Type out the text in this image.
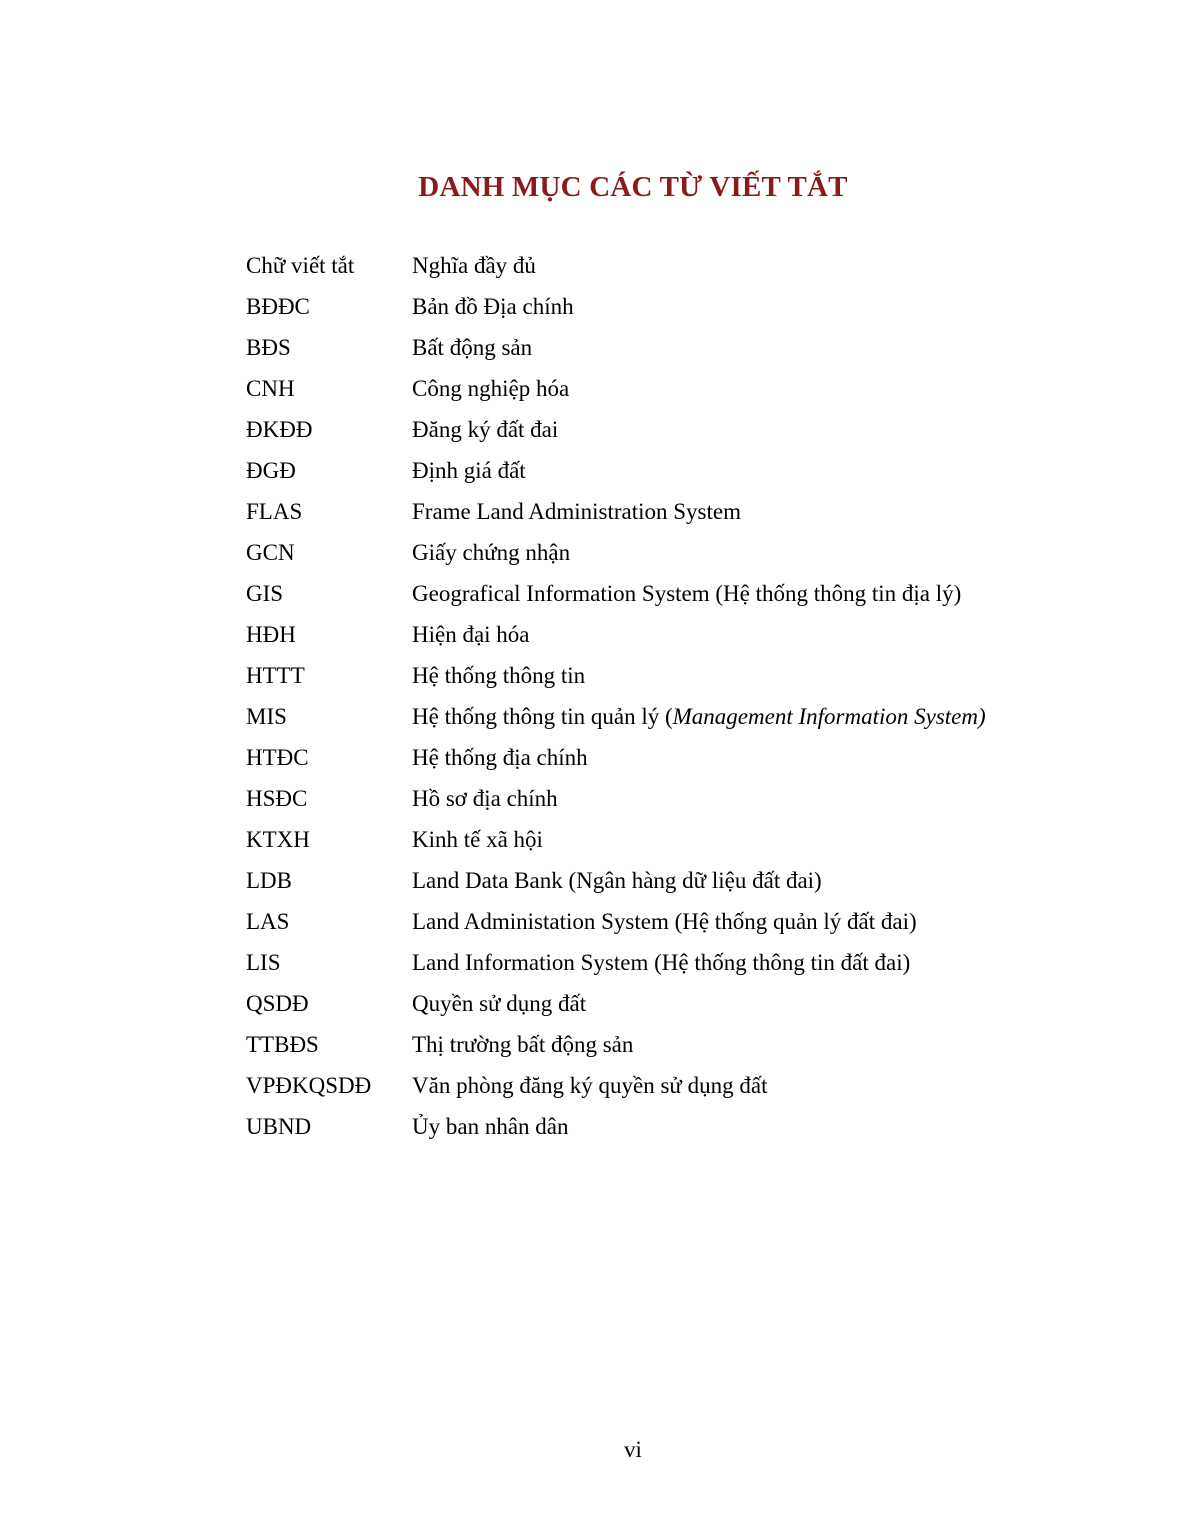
DANH MỤC CÁC TỪ VIẾT TẮT
Chữ viết tắt	Nghĩa đầy đủ
BĐĐC	Bản đồ Địa chính
BĐS	Bất động sản
CNH	Công nghiệp hóa
ĐKĐĐ	Đăng ký đất đai
ĐGĐ	Định giá đất
FLAS	Frame Land Administration System
GCN	Giấy chứng nhận
GIS	Geografical Information System (Hệ thống thông tin địa lý)
HĐH	Hiện đại hóa
HTTT	Hệ thống thông tin
MIS	Hệ thống thông tin quản lý (Management Information System)
HTĐC	Hệ thống địa chính
HSĐC	Hồ sơ địa chính
KTXH	Kinh tế xã hội
LDB	Land Data Bank (Ngân hàng dữ liệu đất đai)
LAS	Land Administation System (Hệ thống quản lý đất đai)
LIS	Land Information System (Hệ thống thông tin đất đai)
QSDĐ	Quyền sử dụng đất
TTBĐS	Thị trường bất động sản
VPĐKQSDĐ	Văn phòng đăng ký quyền sử dụng đất
UBND	Ủy ban nhân dân
vi
